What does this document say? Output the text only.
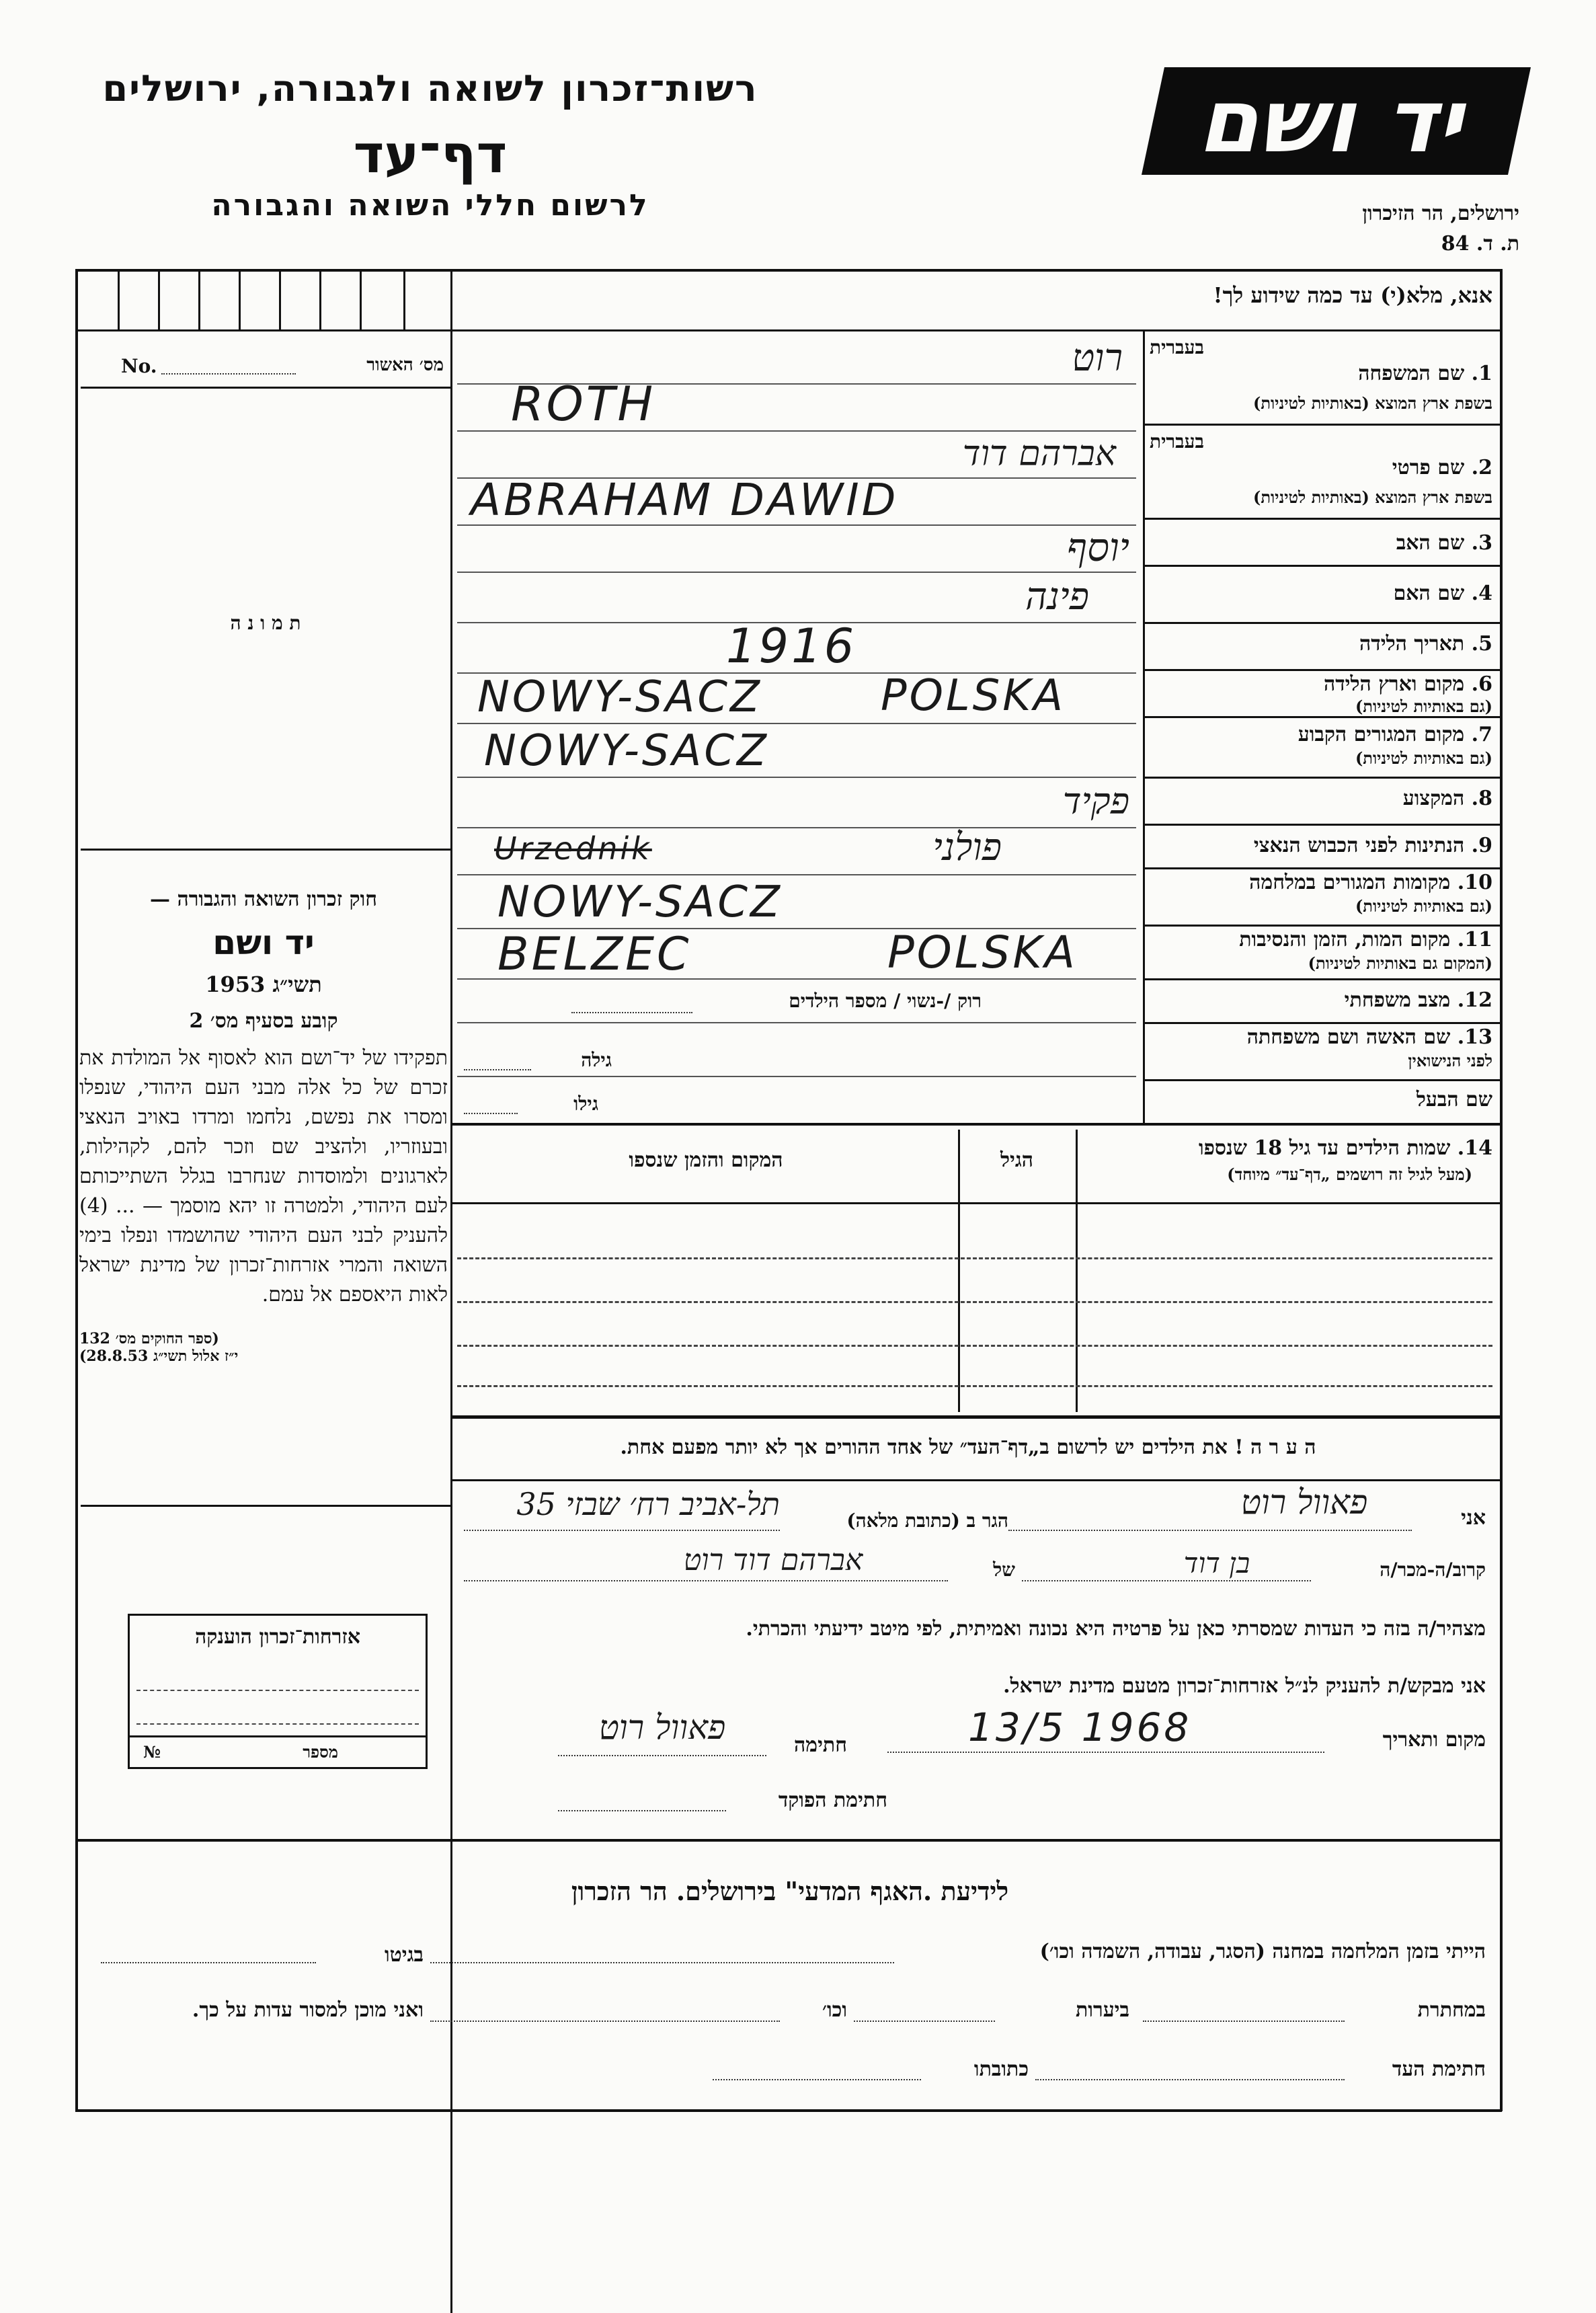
רשות־זכרון לשואה ולגבורה, ירושלים
דף־עד
לרשום חללי השואה והגבורה
יד ושם
ירושלים, הר הזיכרון
ת. ד. 84
אנא, מלא(י) עד כמה שידוע לך!
No.	מס׳ האשור
ת מ ו נ ה

חוק זכרון השואה והגבורה —

יד ושם

תשי״ג 1953

קובע בסעיף מס׳ 2

תפקידו של יד־ושם הוא לאסוף אל המולדת את זכרם של כל אלה מבני העם היהודי, שנפלו ומסרו את נפשם, נלחמו ומרדו באויב הנאצי ובעוזריו, ולהציב שם וזכר להם, לקהילות, לארגונים ולמוסדות שנחרבו בגלל השתייכותם לעם היהודי, ולמטרה זו יהא מוסמך — ... (4) להעניק לבני העם היהודי שהושמדו ונפלו בימי השואה והמרי אזרחות־זכרון של מדינת ישראל לאות היאספם אל עמם.

(ספר החוקים מס׳ 132

י״ז אלול תשי״ג 28.8.53)

בעברית
1. שם המשפחה
בשפת ארץ המוצא (באותיות לטיניות)
רוט
ROTH
בעברית
2. שם פרטי
בשפת ארץ המוצא (באותיות לטיניות)
אברהם דוד
ABRAHAM DAWID
3. שם האב
יוסף
4. שם האם
פינה
5. תאריך הלידה
1916
6. מקום וארץ הלידה
(גם באותיות לטיניות)
NOWY-SACZ	POLSKA
7. מקום המגורים הקבוע
(גם באותיות לטיניות)
NOWY-SACZ
8. המקצוע
פקיד
9. הנתינות לפני הכבוש הנאצי
Urzednik	פולני
10. מקומות המגורים במלחמה
(גם באותיות לטיניות)
NOWY-SACZ
11. מקום המות, הזמן והנסיבות
(המקום גם באותיות לטיניות)
BELZEC	POLSKA
12. מצב משפחתי
רוק /-נשוי / מספר הילדים
13. שם האשה ושם משפחתה
לפני הנישואין
גילה
שם הבעל
גילו
14. שמות הילדים עד גיל 18 שנספו
(מעל לגיל זה רושמים „דף־עד״ מיוחד)
הגיל
המקום והזמן שנספו
ה ע ר ה ! את הילדים יש לרשום ב„דף־העד״ של אחד ההורים אך לא יותר מפעם אחת.
אני
פאוול רוט
הגר ב (כתובת מלאה)
תל-אביב רח׳ שבזי 35
קרוב/ה-מכר/ה
בן דוד
של
אברהם דוד רוט
מצהיר/ה בזה כי העדות שמסרתי כאן על פרטיה היא נכונה ואמיתית, לפי מיטב ידיעתי והכרתי.
אני מבקש/ת להעניק לנ״ל אזרחות־זכרון מטעם מדינת ישראל.
מקום ותאריך
13/5 1968
חתימה
פאוול רוט
חתימת הפוקד
אזרחות־זכרון הוענקה
מספר
№
לידיעת .האגף המדעי" בירושלים. הר הזכרון
הייתי בזמן המלחמה במחנה (הסגר, עבודה, השמדה וכו׳)
בגיטו
במחתרת
ביערות
וכו׳
ואני מוכן למסור עדות על כך.
חתימת העד
כתובתו
